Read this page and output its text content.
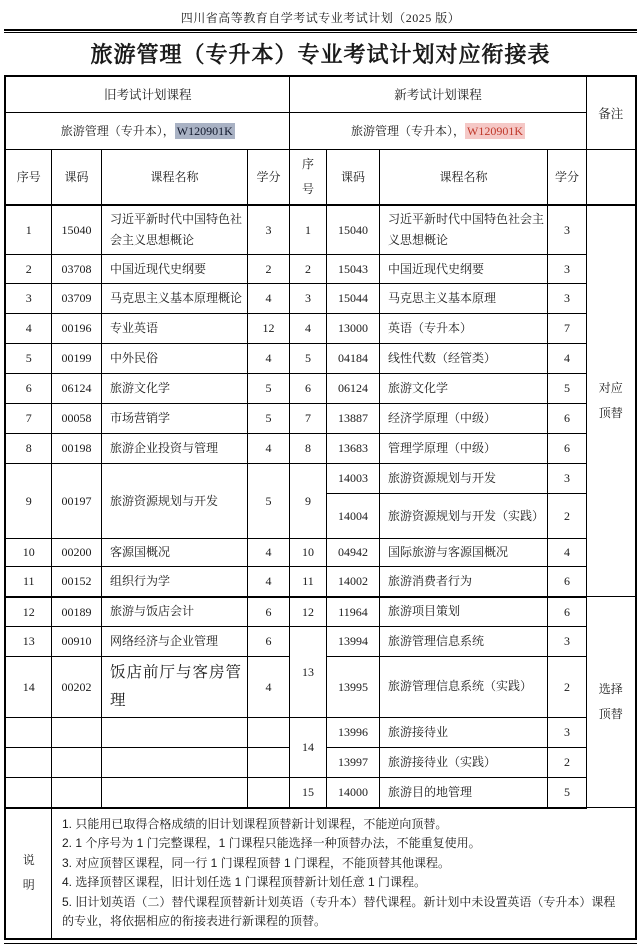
四川省高等教育自学考试专业考试计划（2025 版）
旅游管理（专升本）专业考试计划对应衔接表
旧考试计划课程				新考试计划课程				备注
旅游管理（专升本）， W120901K				旅游管理（专升本）， W120901K				
序号	课码	课程名称	学分	序号	课码	课程名称	学分	
1	15040	习近平新时代中国特色社会主义思想概论	3	1	15040	习近平新时代中国特色社会主义思想概论	3	对应顶替

2	03708	中国近现代史纲要	2	2	15043	中国近现代史纲要	3	
3	03709	马克思主义基本原理概论	4	3	15044	马克思主义基本原理	3	
4	00196	专业英语	12	4	13000	英语（专升本）	7	
5	00199	中外民俗	4	5	04184	线性代数（经管类）	4	
6	06124	旅游文化学	5	6	06124	旅游文化学	5	
7	00058	市场营销学	5	7	13887	经济学原理（中级）	6	
8	00198	旅游企业投资与管理	4	8	13683	管理学原理（中级）	6	
9	00197	旅游资源规划与开发	5	9	14003	旅游资源规划与开发	3	
					14004	旅游资源规划与开发（实践）	2	
10	00200	客源国概况	4	10	04942	国际旅游与客源国概况	4	
11	00152	组织行为学	4	11	14002	旅游消费者行为	6	
12	00189	旅游与饭店会计	6	12	11964	旅游项目策划	6	选择顶替

13	00910	网络经济与企业管理	6	13	13994	旅游管理信息系统	3	
14	00202	饭店前厅与客房管理	4		13995	旅游管理信息系统（实践）	2	
				14	13996	旅游接待业	3	
					13997	旅游接待业（实践）	2	
				15	14000	旅游目的地管理	5	

说明	1. 只能用已取得合格成绩的旧计划课程顶替新计划课程，不能逆向顶替。
2. 1 个序号为 1 门完整课程，1 门课程只能选择一种顶替办法，不能重复使用。
3. 对应顶替区课程，同一行 1 门课程顶替 1 门课程，不能顶替其他课程。
4. 选择顶替区课程，旧计划任选 1 门课程顶替新计划任意 1 门课程。
5. 旧计划英语（二）替代课程顶替新计划英语（专升本）替代课程。新计划中未设置英语（专升本）课程的专业，将依据相应的衔接表进行新课程的顶替。							
